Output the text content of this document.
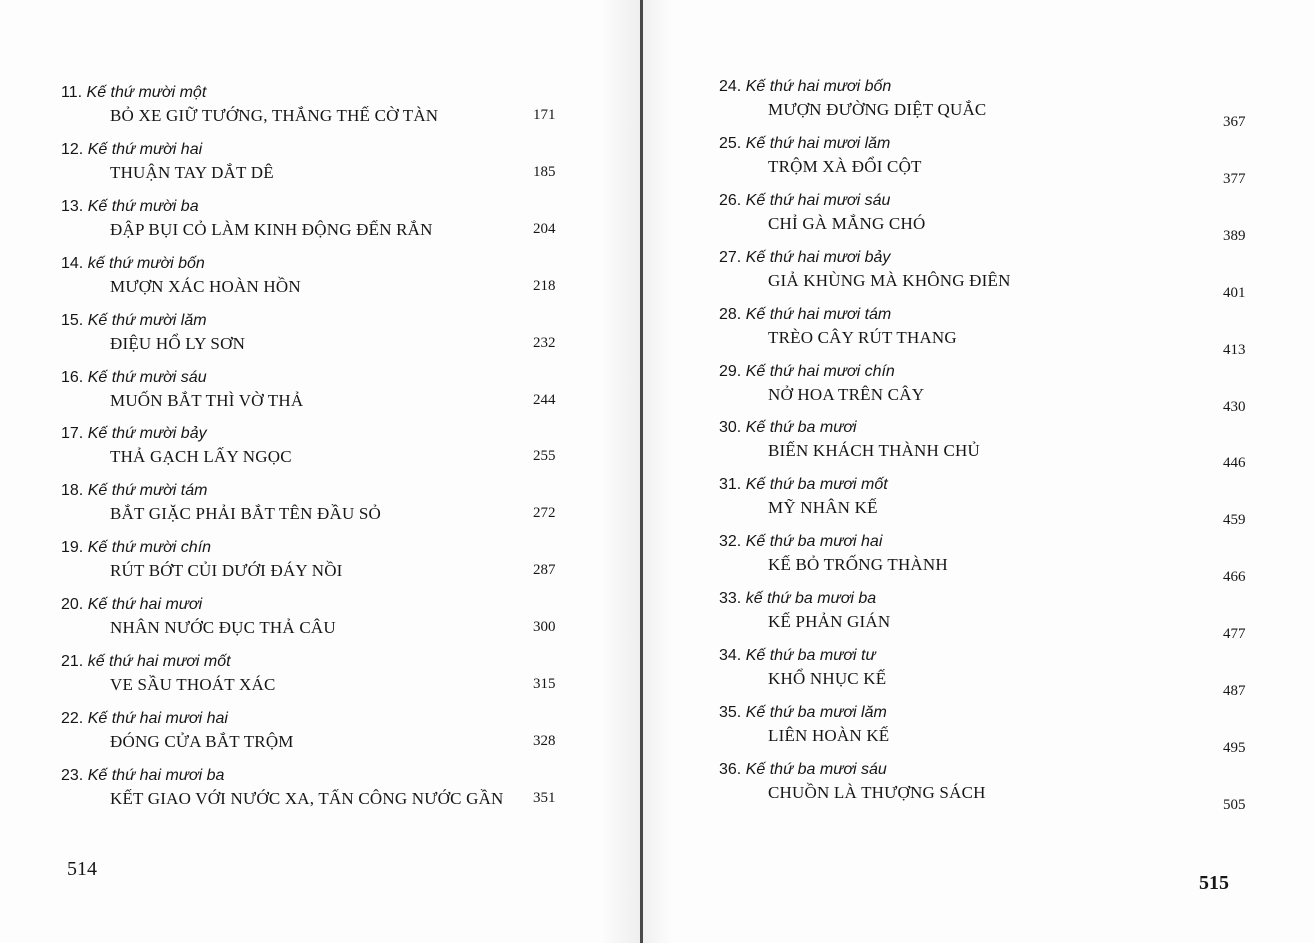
11. Kế thứ mười một
BỎ XE GIỮ TƯỚNG, THẮNG THẾ CỜ TÀN	171
12. Kế thứ mười hai
THUẬN TAY DẮT DÊ	185
13. Kế thứ mười ba
ĐẬP BỤI CỎ LÀM KINH ĐỘNG ĐẾN RẮN	204
14. kế thứ mười bốn
MƯỢN XÁC HOÀN HỒN	218
15. Kế thứ mười lăm
ĐIỆU HỔ LY SƠN	232
16. Kế thứ mười sáu
MUỐN BẮT THÌ VỜ THẢ	244
17. Kế thứ mười bảy
THẢ GẠCH LẤY NGỌC	255
18. Kế thứ mười tám
BẮT GIẶC PHẢI BẮT TÊN ĐẦU SỎ	272
19. Kế thứ mười chín
RÚT BỚT CỦI DƯỚI ĐÁY NỒI	287
20. Kế thứ hai mươi
NHÂN NƯỚC ĐỤC THẢ CÂU	300
21. kế thứ hai mươi mốt
VE SẦU THOÁT XÁC	315
22. Kế thứ hai mươi hai
ĐÓNG CỬA BẮT TRỘM	328
23. Kế thứ hai mươi ba
KẾT GIAO VỚI NƯỚC XA, TẤN CÔNG NƯỚC GẦN 351
514
24. Kế thứ hai mươi bốn
MƯỢN ĐƯỜNG DIỆT QUẮC
367
25. Kế thứ hai mươi lăm
TRỘM XÀ ĐỔI CỘT
377
26. Kế thứ hai mươi sáu
CHỈ GÀ MẮNG CHÓ
389
27. Kế thứ hai mươi bảy
GIẢ KHÙNG MÀ KHÔNG ĐIÊN
401
28. Kế thứ hai mươi tám
TRÈO CÂY RÚT THANG
413
29. Kế thứ hai mươi chín
NỞ HOA TRÊN CÂY
430
30. Kế thứ ba mươi
BIẾN KHÁCH THÀNH CHỦ
446
31. Kế thứ ba mươi mốt
MỸ NHÂN KẾ
459
32. Kế thứ ba mươi hai
KẾ BỎ TRỐNG THÀNH
466
33. kế thứ ba mươi ba
KẾ PHẢN GIÁN
477
34. Kế thứ ba mươi tư
KHỔ NHỤC KẾ
487
35. Kế thứ ba mươi lăm
LIÊN HOÀN KẾ
495
36. Kế thứ ba mươi sáu
CHUỒN LÀ THƯỢNG SÁCH
505
515
